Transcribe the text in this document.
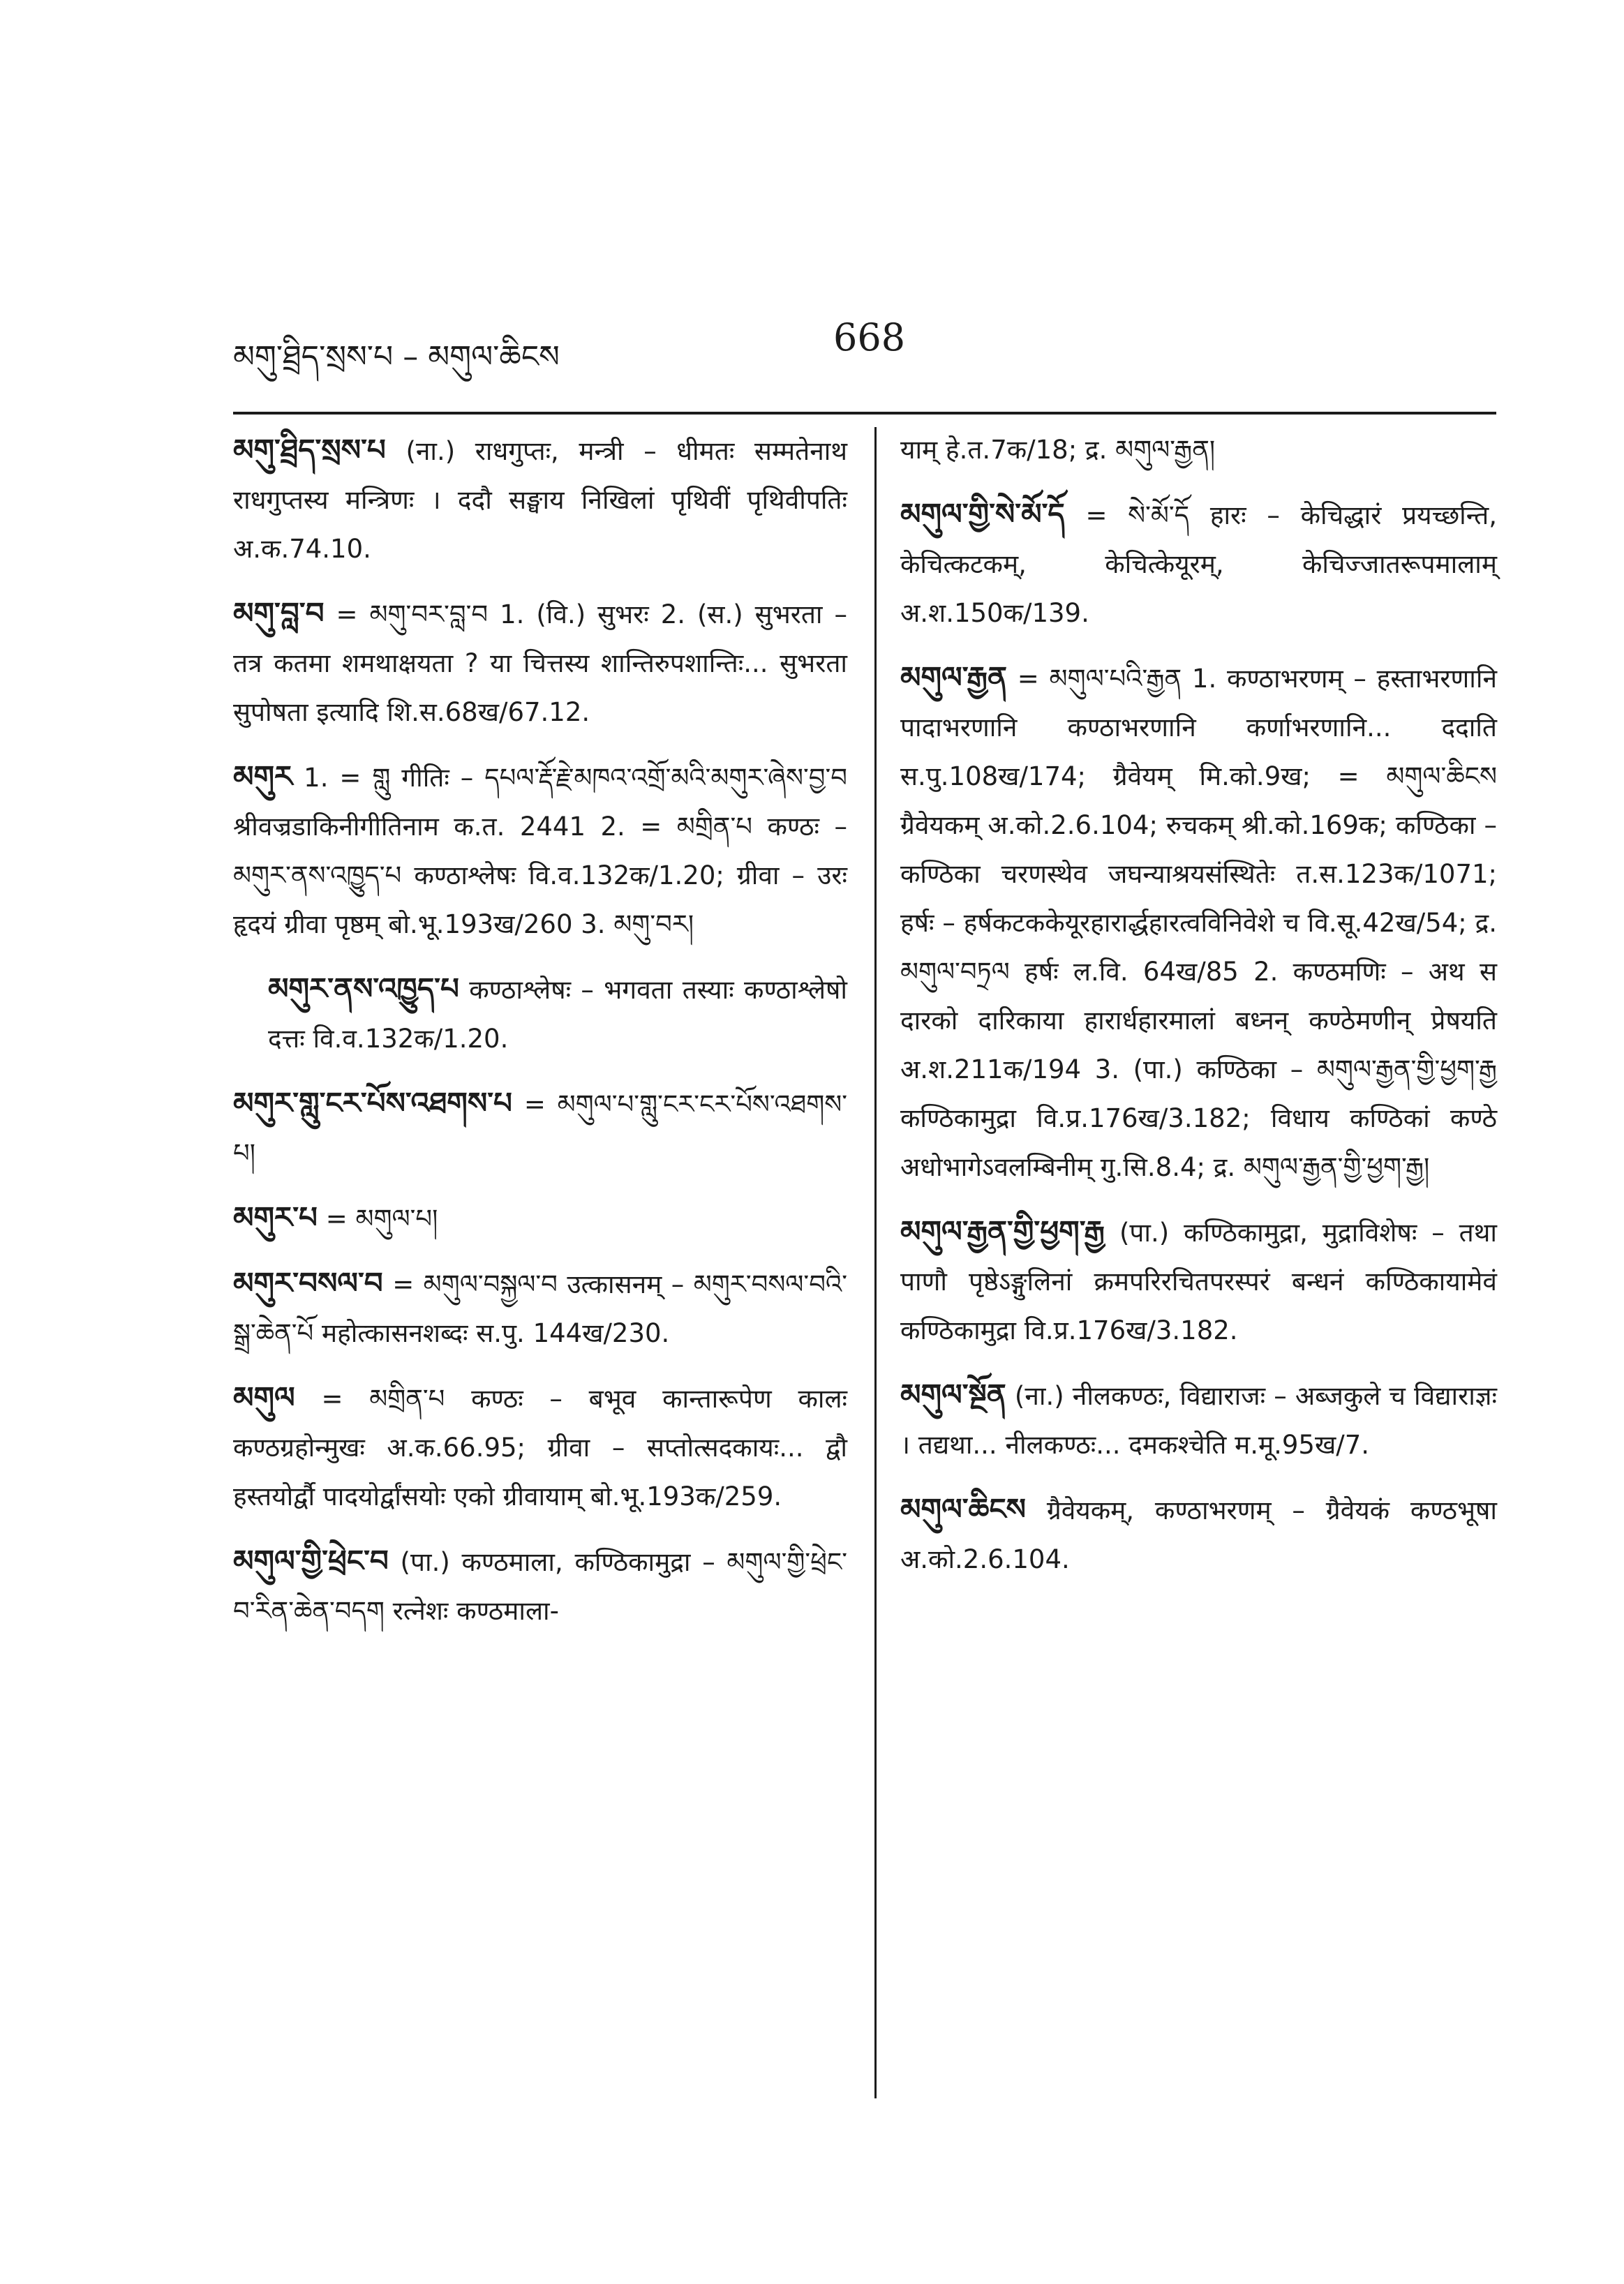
མགུ་ཐྲིད་སྲས་པ – མགུལ་ཆིངས	668
མགུ་ཐྲིད་སྲས་པ (ना.) राधगुप्तः, मन्त्री – धीमतः सम्मतेनाथ राधगुप्तस्य मन्त्रिणः । ददौ सङ्घाय निखिलां पृथिवीं पृथिवीपतिः अ.क.74.10.
མགུ་བླ་བ = མགུ་བར་བླ་བ 1. (वि.) सुभरः 2. (स.) सुभरता – तत्र कतमा शमथाक्षयता ? या चित्तस्य शान्तिरुपशान्तिः... सुभरता सुपोषता इत्यादि शि.स.68ख/67.12.
མགུར 1. = གླུ गीतिः – དཔལ་རྡོ་རྗེ་མཁའ་འགྲོ་མའི་མགུར་ཞེས་བྱ་བ श्रीवज्रडाकिनीगीतिनाम क.त. 2441 2. = མགྲིན་པ कण्ठः – མགུར་ནས་འཁྱུད་པ कण्ठाश्लेषः वि.व.132क/1.20; ग्रीवा – उरः हृदयं ग्रीवा पृष्ठम् बो.भू.193ख/260 3. མགུ་བར།
མགུར་ནས་འཁྱུད་པ कण्ठाश्लेषः – भगवता तस्याः कण्ठाश्लेषो दत्तः वि.व.132क/1.20.
མགུར་གླུ་ངར་པོས་འཐགས་པ = མགུལ་པ་གླུ་ངར་ངར་པོས་འཐགས་པ།
མགུར་པ = མགུལ་པ།
མགུར་བསལ་བ = མགུལ་བསྐྱལ་བ उत्कासनम् – མགུར་བསལ་བའི་སྒྲ་ཆེན་པོ महोत्कासनशब्दः स.पु. 144ख/230.
མགུལ = མགྲིན་པ कण्ठः – बभूव कान्तारूपेण कालः कण्ठग्रहोन्मुखः अ.क.66.95; ग्रीवा – सप्तोत्सदकायः... द्वौ हस्तयोर्द्वौ पादयोर्द्वांसयोः एको ग्रीवायाम् बो.भू.193क/259.
མགུལ་གྱི་ཕྲེང་བ (पा.) कण्ठमाला, कण्ठिकामुद्रा – མགུལ་གྱི་ཕྲེང་བ་རིན་ཆེན་བདག रत्नेशः कण्ठमाला-
याम् हे.त.7क/18; द्र. མགུལ་རྒྱན།
མགུལ་གྱི་སེ་མོ་དོ = སེ་མོ་དོ हारः – केचिद्धारं प्रयच्छन्ति, केचित्कटकम्, केचित्केयूरम्, केचिज्जातरूपमालाम् अ.श.150क/139.
མགུལ་རྒྱན = མགུལ་པའི་རྒྱན 1. कण्ठाभरणम् – हस्ताभरणानि पादाभरणानि कण्ठाभरणानि कर्णाभरणानि... ददाति स.पु.108ख/174; ग्रैवेयम् मि.को.9ख; = མགུལ་ཆིངས ग्रैवेयकम् अ.को.2.6.104; रुचकम् श्री.को.169क; कण्ठिका – कण्ठिका चरणस्थेव जघन्याश्रयसंस्थितेः त.स.123क/1071; हर्षः – हर्षकटककेयूरहारार्द्धहारत्वविनिवेशे च वि.सू.42ख/54; द्र. མགུལ་བཏྲལ हर्षः ल.वि. 64ख/85 2. कण्ठमणिः – अथ स दारको दारिकाया हारार्धहारमालां बध्नन् कण्ठेमणीन् प्रेषयति अ.श.211क/194 3. (पा.) कण्ठिका – མགུལ་རྒྱན་གྱི་ཕྱག་རྒྱ कण्ठिकामुद्रा वि.प्र.176ख/3.182; विधाय कण्ठिकां कण्ठे अधोभागेऽवलम्बिनीम् गु.सि.8.4; द्र. མགུལ་རྒྱན་གྱི་ཕྱག་རྒྱ།
མགུལ་རྒྱན་གྱི་ཕྱག་རྒྱ (पा.) कण्ठिकामुद्रा, मुद्राविशेषः – तथा पाणौ पृष्ठेऽङ्गुलिनां क्रमपरिरचितपरस्परं बन्धनं कण्ठिकायामेवं कण्ठिकामुद्रा वि.प्र.176ख/3.182.
མགུལ་སྔོན (ना.) नीलकण्ठः, विद्याराजः – अब्जकुले च विद्याराज्ञः । तद्यथा... नीलकण्ठः... दमकश्चेति म.मू.95ख/7.
མགུལ་ཆིངས ग्रैवेयकम्, कण्ठाभरणम् – ग्रैवेयकं कण्ठभूषा अ.को.2.6.104.
